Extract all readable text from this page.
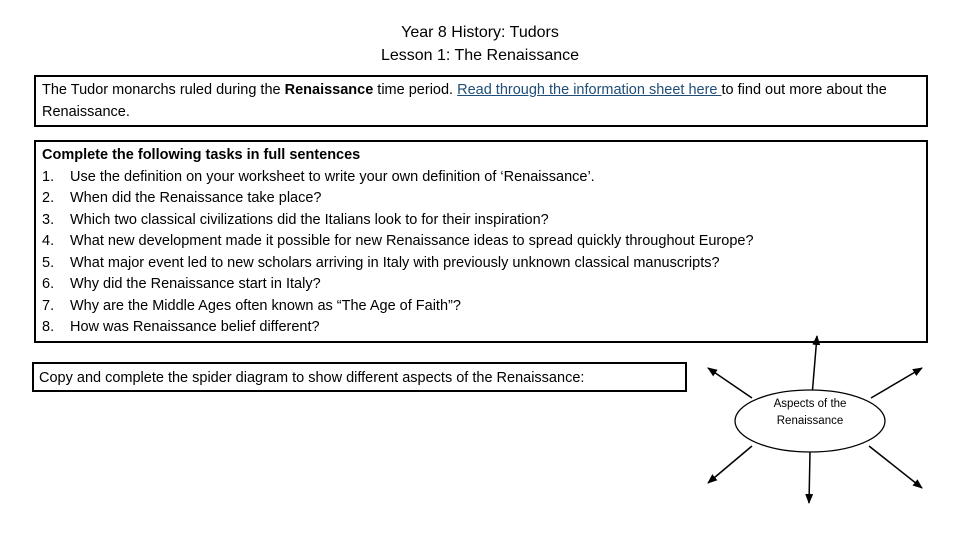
Year 8 History: Tudors
Lesson 1: The Renaissance
The Tudor monarchs ruled during the Renaissance time period. Read through the information sheet here to find out more about the Renaissance.
Complete the following tasks in full sentences
1. Use the definition on your worksheet to write your own definition of ‘Renaissance’.
2. When did the Renaissance take place?
3. Which two classical civilizations did the Italians look to for their inspiration?
4. What new development made it possible for new Renaissance ideas to spread quickly throughout Europe?
5. What major event led to new scholars arriving in Italy with previously unknown classical manuscripts?
6. Why did the Renaissance start in Italy?
7. Why are the Middle Ages often known as “The Age of Faith”?
8. How was Renaissance belief different?
Copy and complete the spider diagram to show different aspects of the Renaissance:
Aspects of the
Renaissance
